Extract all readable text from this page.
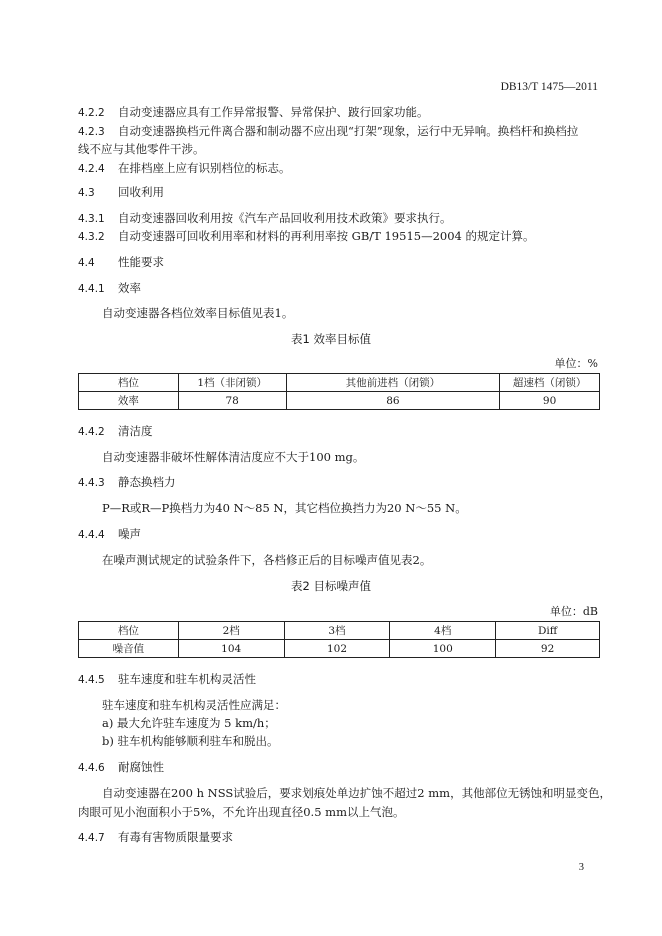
DB13/T 1475—2011
4.2.2 自动变速器应具有工作异常报警、异常保护、跛行回家功能。
4.2.3 自动变速器换档元件离合器和制动器不应出现“打架”现象，运行中无异响。换档杆和换档拉
线不应与其他零件干涉。
4.2.4 在排档座上应有识别档位的标志。
4.3 回收利用
4.3.1 自动变速器回收利用按《汽车产品回收利用技术政策》要求执行。
4.3.2 自动变速器可回收利用率和材料的再利用率按 GB/T 19515—2004 的规定计算。
4.4 性能要求
4.4.1 效率
自动变速器各档位效率目标值见表1。
表1 效率目标值
单位：%
档位	1档（非闭锁）	其他前进档（闭锁）	超速档（闭锁）
效率	78	86	90
4.4.2 清洁度
自动变速器非破坏性解体清洁度应不大于100 mg。
4.4.3 静态换档力
P—R或R—P换档力为40 N～85 N，其它档位换挡力为20 N～55 N。
4.4.4 噪声
在噪声测试规定的试验条件下，各档修正后的目标噪声值见表2。
表2 目标噪声值
单位：dB
档位	2档	3档	4档	Diff
噪音值	104	102	100	92
4.4.5 驻车速度和驻车机构灵活性
驻车速度和驻车机构灵活性应满足：
a) 最大允许驻车速度为 5 km/h；
b) 驻车机构能够顺利驻车和脱出。
4.4.6 耐腐蚀性
自动变速器在200 h NSS试验后，要求划痕处单边扩蚀不超过2 mm，其他部位无锈蚀和明显变色，
肉眼可见小泡面积小于5%，不允许出现直径0.5 mm以上气泡。
4.4.7 有毒有害物质限量要求
3
